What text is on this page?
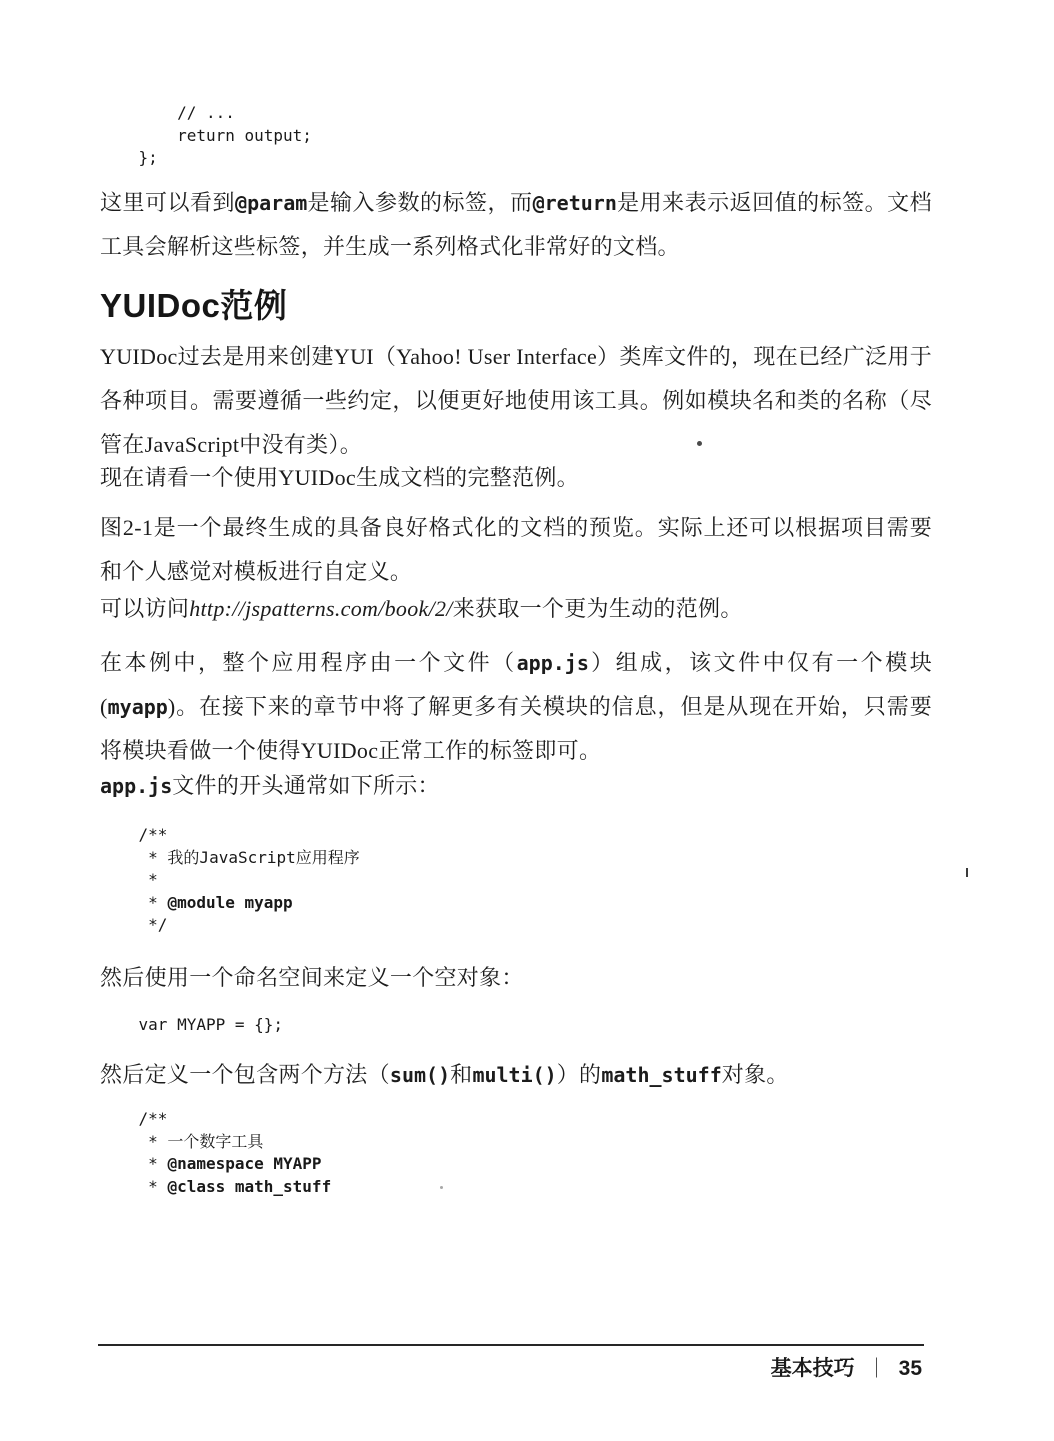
// ...
return output;
};

这里可以看到@param是输入参数的标签，而@return是用来表示返回值的标签。文档工具会解析这些标签，并生成一系列格式化非常好的文档。

YUIDoc范例

YUIDoc过去是用来创建YUI（Yahoo! User Interface）类库文件的，现在已经广泛用于各种项目。需要遵循一些约定，以便更好地使用该工具。例如模块名和类的名称（尽管在JavaScript中没有类）。

现在请看一个使用YUIDoc生成文档的完整范例。

图2-1是一个最终生成的具备良好格式化的文档的预览。实际上还可以根据项目需要和个人感觉对模板进行自定义。

可以访问http://jspatterns.com/book/2/来获取一个更为生动的范例。

在本例中，整个应用程序由一个文件（app.js）组成，该文件中仅有一个模块(myapp)。在接下来的章节中将了解更多有关模块的信息，但是从现在开始，只需要将模块看做一个使得YUIDoc正常工作的标签即可。

app.js文件的开头通常如下所示：

/**
* 我的JavaScript应用程序
*
* @module myapp
*/

然后使用一个命名空间来定义一个空对象：

var MYAPP = {};

然后定义一个包含两个方法（sum()和multi()）的math_stuff对象。

/**
* 一个数字工具
* @namespace MYAPP
* @class math_stuff
基本技巧 ｜ 35
